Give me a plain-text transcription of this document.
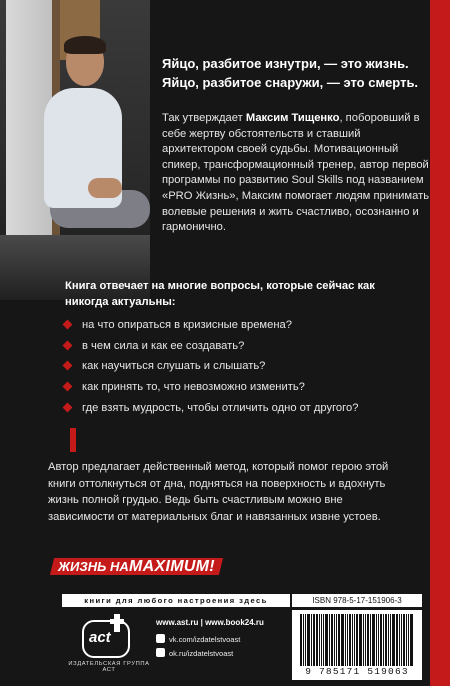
Яйцо, разбитое изнутри, — это жизнь.
Яйцо, разбитое снаружи, — это смерть.
Так утверждает Максим Тищенко, поборовший в себе жертву обстоятельств и ставший архитектором своей судьбы. Мотивационный спикер, трансформационный тренер, автор первой программы по развитию Soul Skills под названием «PRO Жизнь», Максим помогает людям принимать волевые решения и жить счастливо, осознанно и гармонично.
Книга отвечает на многие вопросы, которые сейчас как никогда актуальны:
на что опираться в кризисные времена?
в чем сила и как ее создавать?
как научиться слушать и слышать?
как принять то, что невозможно изменить?
где взять мудрость, чтобы отличить одно от другого?
Автор предлагает действенный метод, который помог герою этой книги оттолкнуться от дна, подняться на поверхность и вдохнуть жизнь полной грудью. Ведь быть счастливым можно вне зависимости от материальных благ и навязанных извне устоев.
ЖИЗНЬ НАMAXIMUM!
книги для любого настроения здесь
act
ИЗДАТЕЛЬСКАЯ ГРУППА АСТ
www.ast.ru | www.book24.ru
vk.com/izdatelstvoast
ok.ru/izdatelstvoast
ISBN 978-5-17-151906-3
9 785171 519063
